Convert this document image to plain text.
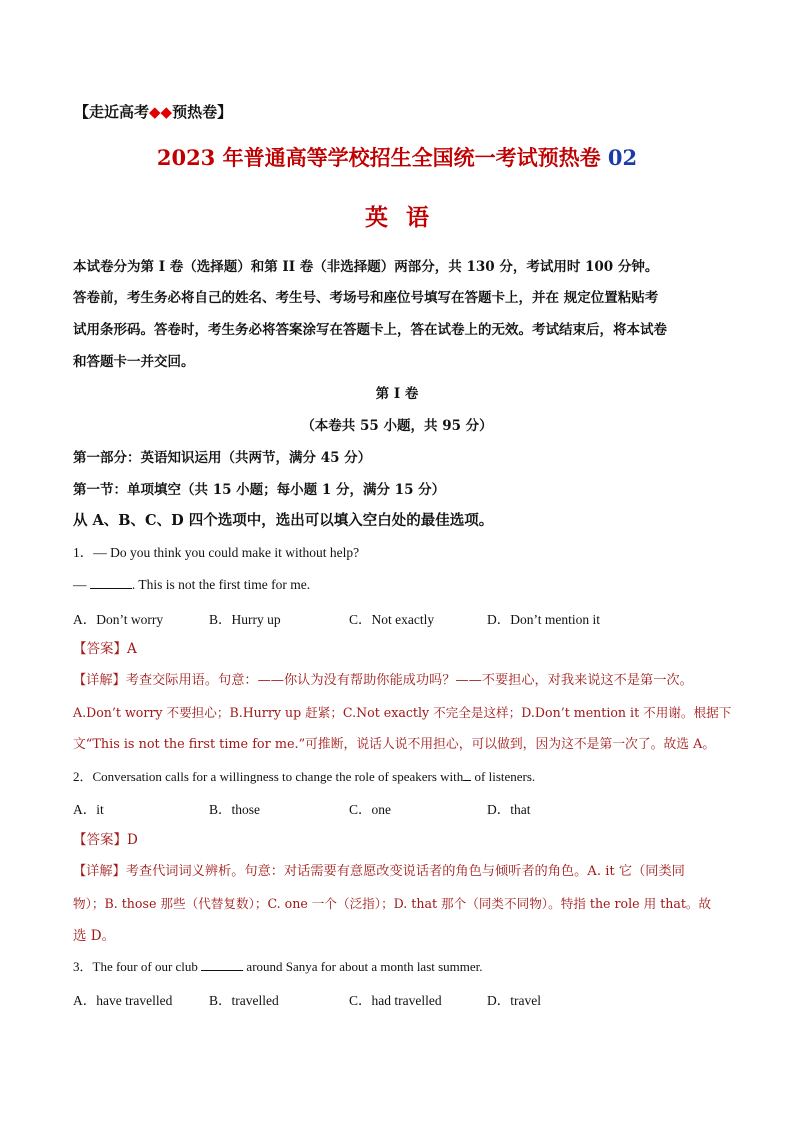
【走近高考◆◆预热卷】
2023 年普通高等学校招生全国统一考试预热卷 02
英语
本试卷分为第 I 卷（选择题）和第 II 卷（非选择题）两部分，共 130 分，考试用时 100 分钟。
答卷前，考生务必将自己的姓名、考生号、考场号和座位号填写在答题卡上，并在 规定位置粘贴考
试用条形码。答卷时，考生务必将答案涂写在答题卡上，答在试卷上的无效。考试结束后，将本试卷
和答题卡一并交回。
第 I 卷
（本卷共 55 小题，共 95 分）
第一部分：英语知识运用（共两节，满分 45 分）
第一节：单项填空（共 15 小题；每小题 1 分，满分 15 分）
从 A、B、C、D 四个选项中，选出可以填入空白处的最佳选项。
1．— Do you think you could make it without help?
—	. This is not the first time for me.
A．Don’t worry	B．Hurry up	C．Not exactly	D．Don’t mention it
【答案】A
【详解】考查交际用语。句意：——你认为没有帮助你能成功吗？——不要担心，对我来说这不是第一次。
A.Don’t worry 不要担心；B.Hurry up 赶紧；C.Not exactly 不完全是这样；D.Don’t mention it 不用谢。根据下
文“This is not the first time for me.”可推断，说话人说不用担心，可以做到，因为这不是第一次了。故选 A。
2．Conversation calls for a willingness to change the role of speakers with of listeners.
A．it	B．those	C．one	D．that
【答案】D
【详解】考查代词词义辨析。句意：对话需要有意愿改变说话者的角色与倾听者的角色。A. it 它（同类同
物）；B. those 那些（代替复数）；C. one 一个（泛指）；D. that 那个（同类不同物）。特指 the role 用 that。故
选 D。
3．The four of our club	around Sanya for about a month last summer.
A．have travelled	B．travelled	C．had travelled	D．travel
